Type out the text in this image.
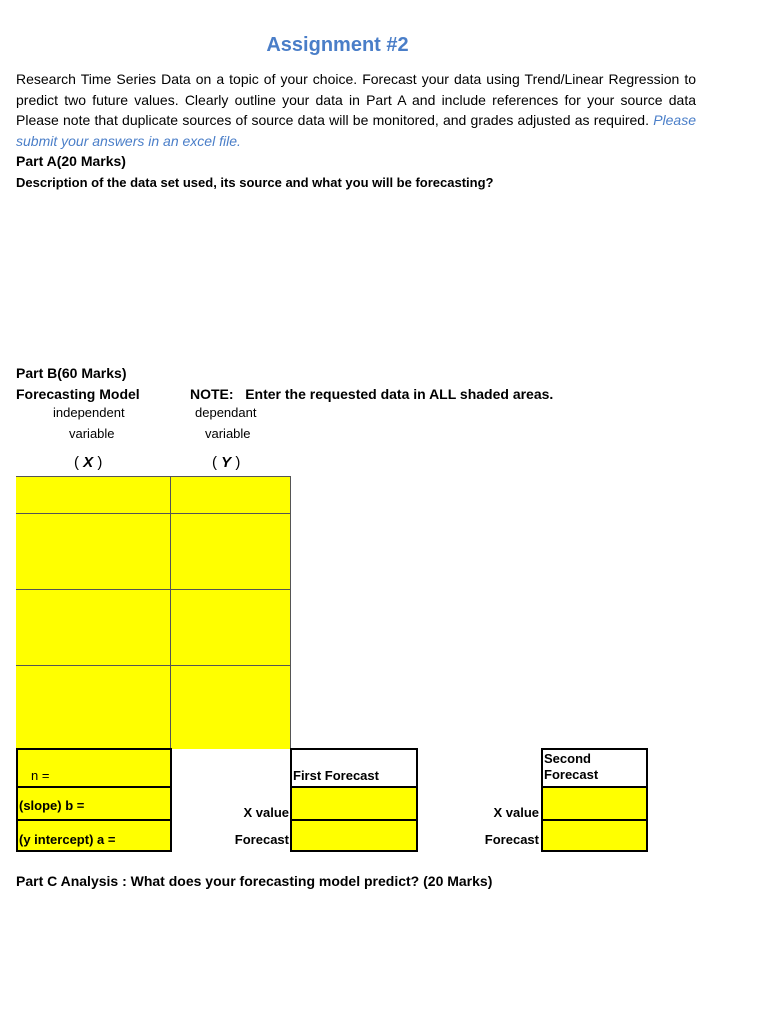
Assignment #2
Research Time Series Data on a topic of your choice. Forecast your data using Trend/Linear Regression to predict two future values. Clearly outline your data in Part A and include references for your source data Please note that duplicate sources of source data will be monitored, and grades adjusted as required. Please submit your answers in an excel file.
Part A(20 Marks)
Description of the data set used, its source and what you will be forecasting?
Part B(60 Marks)
Forecasting Model	NOTE:   Enter the requested data in ALL shaded areas.
independent
variable
dependant
variable
( X )	( Y )
n =
(slope) b =
(y intercept) a =
First Forecast
X value
Forecast
Second
Forecast
X value
Forecast
Part C Analysis : What does your forecasting model predict? (20 Marks)
